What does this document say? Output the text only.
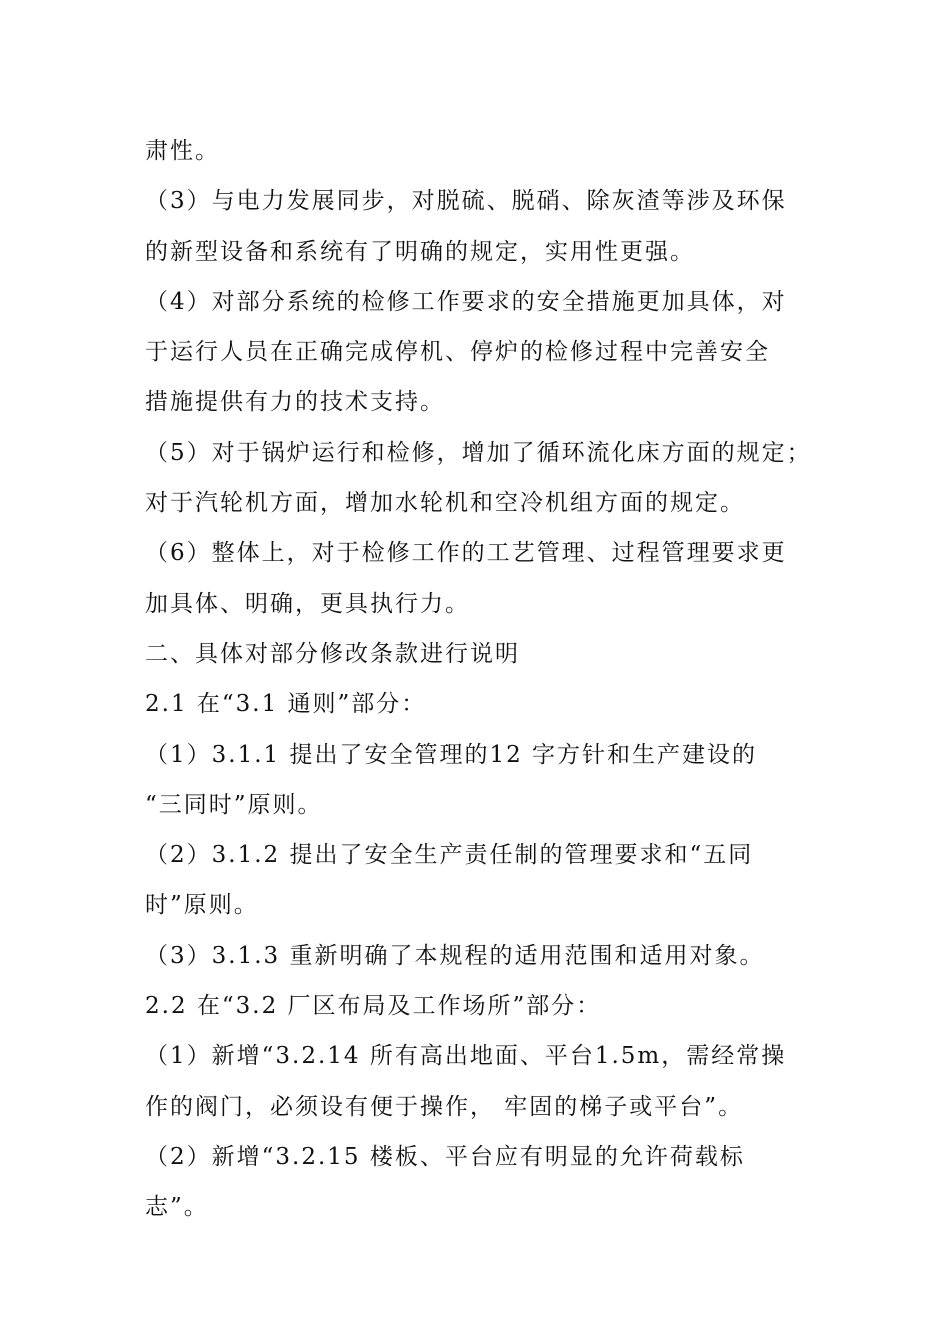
肃性。
（3）与电力发展同步，对脱硫、脱硝、除灰渣等涉及环保
的新型设备和系统有了明确的规定，实用性更强。
（4）对部分系统的检修工作要求的安全措施更加具体，对
于运行人员在正确完成停机、停炉的检修过程中完善安全
措施提供有力的技术支持。
（5）对于锅炉运行和检修，增加了循环流化床方面的规定；
对于汽轮机方面，增加水轮机和空冷机组方面的规定。
（6）整体上，对于检修工作的工艺管理、过程管理要求更
加具体、明确，更具执行力。
二、具体对部分修改条款进行说明
2.1 在“3.1 通则”部分：
（1）3.1.1 提出了安全管理的12 字方针和生产建设的
“三同时”原则。
（2）3.1.2 提出了安全生产责任制的管理要求和“五同
时”原则。
（3）3.1.3 重新明确了本规程的适用范围和适用对象。
2.2 在“3.2 厂区布局及工作场所”部分：
（1）新增“3.2.14 所有高出地面、平台1.5m，需经常操
作的阀门，必须设有便于操作， 牢固的梯子或平台”。
（2）新增“3.2.15 楼板、平台应有明显的允许荷载标
志”。
